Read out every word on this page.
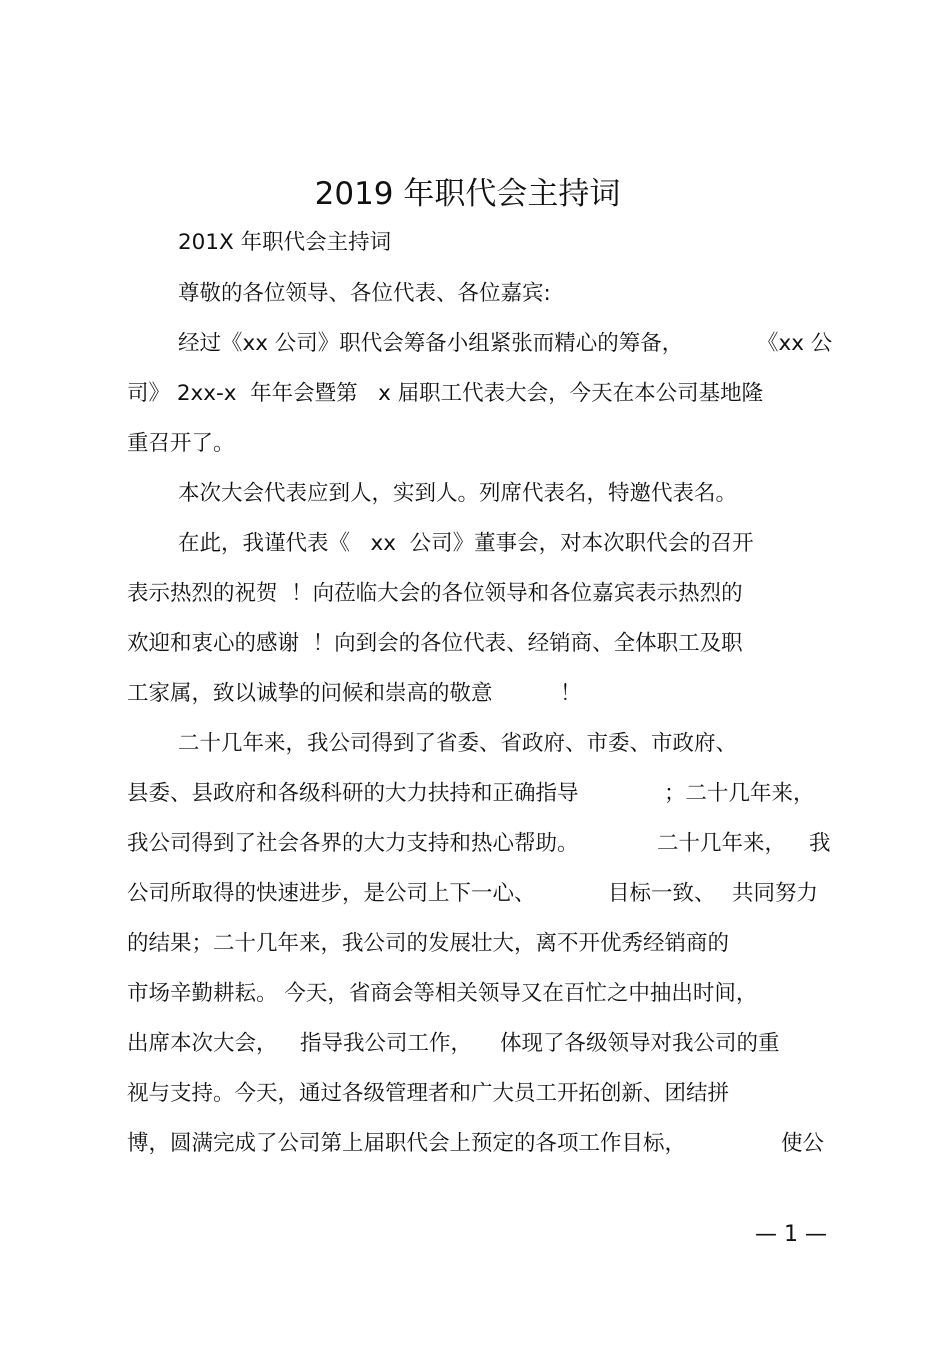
2019 年职代会主持词
201X 年职代会主持词
尊敬的各位领导、各位代表、各位嘉宾:
经过《xx 公司》职代会筹备小组紧张而精心的筹备，	《xx 公
司》 2xx-x  年年会暨第   x 届职工代表大会，今天在本公司基地隆
重召开了。
本次大会代表应到人，实到人。列席代表名，特邀代表名。
在此，我谨代表《   xx  公司》董事会，对本次职代会的召开
表示热烈的祝贺  ！向莅临大会的各位领导和各位嘉宾表示热烈的
欢迎和衷心的感谢  ！向到会的各位代表、经销商、全体职工及职
工家属，致以诚挚的问候和崇高的敬意	！
二十几年来，我公司得到了省委、省政府、市委、市政府、
县委、县政府和各级科研的大力扶持和正确指导	；二十几年来，
我公司得到了社会各界的大力支持和热心帮助。	二十几年来， 我
公司所取得的快速进步，是公司上下一心、	目标一致、 共同努力
的结果；二十几年来，我公司的发展壮大，离不开优秀经销商的
市场辛勤耕耘。 今天，省商会等相关领导又在百忙之中抽出时间，
出席本次大会， 指导我公司工作， 体现了各级领导对我公司的重
视与支持。今天，通过各级管理者和广大员工开拓创新、团结拼
博，圆满完成了公司第上届职代会上预定的各项工作目标，	使公
— 1 —
